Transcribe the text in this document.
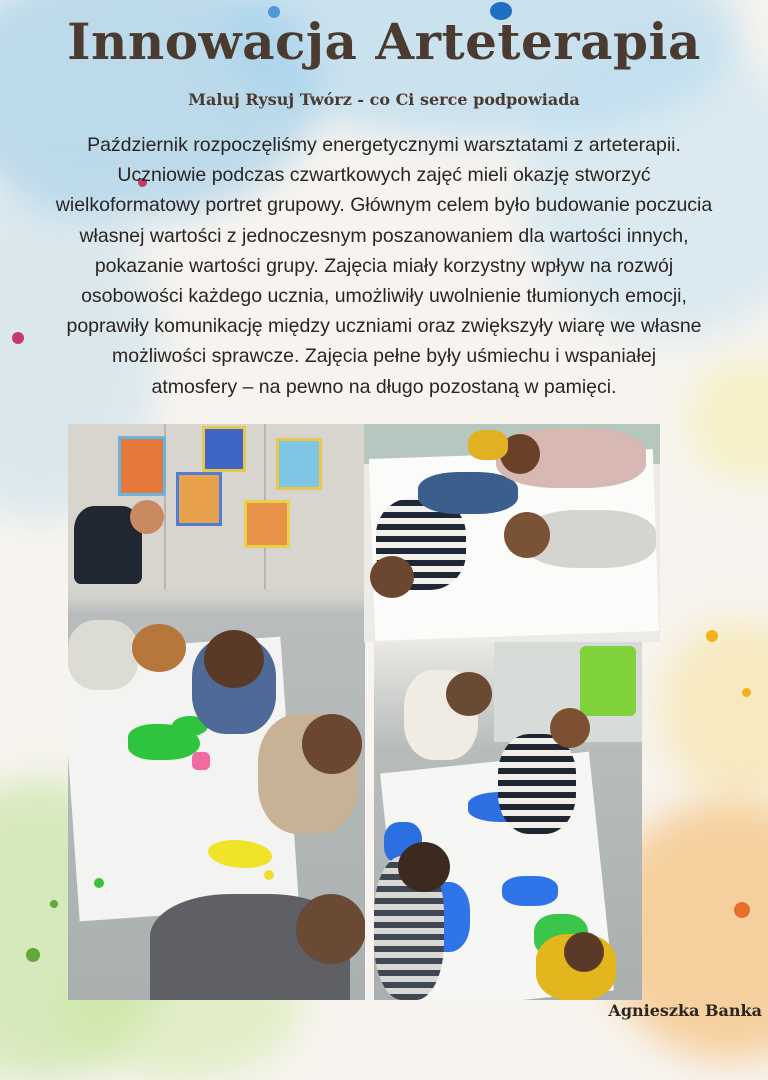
Innowacja Arteterapia
Maluj Rysuj Twórz - co Ci serce podpowiada

Październik rozpoczęliśmy energetycznymi warsztatami z arteterapii.
Uczniowie podczas czwartkowych zajęć mieli okazję stworzyć
wielkoformatowy portret grupowy. Głównym celem było budowanie poczucia
własnej wartości z jednoczesnym poszanowaniem dla wartości innych,
pokazanie wartości grupy. Zajęcia miały korzystny wpływ na rozwój
osobowości każdego ucznia, umożliwiły uwolnienie tłumionych emocji,
poprawiły komunikację między uczniami oraz zwiększyły wiarę we własne
możliwości sprawcze. Zajęcia pełne były uśmiechu i wspaniałej
atmosfery – na pewno na długo pozostaną w pamięci.

Agnieszka Banka
